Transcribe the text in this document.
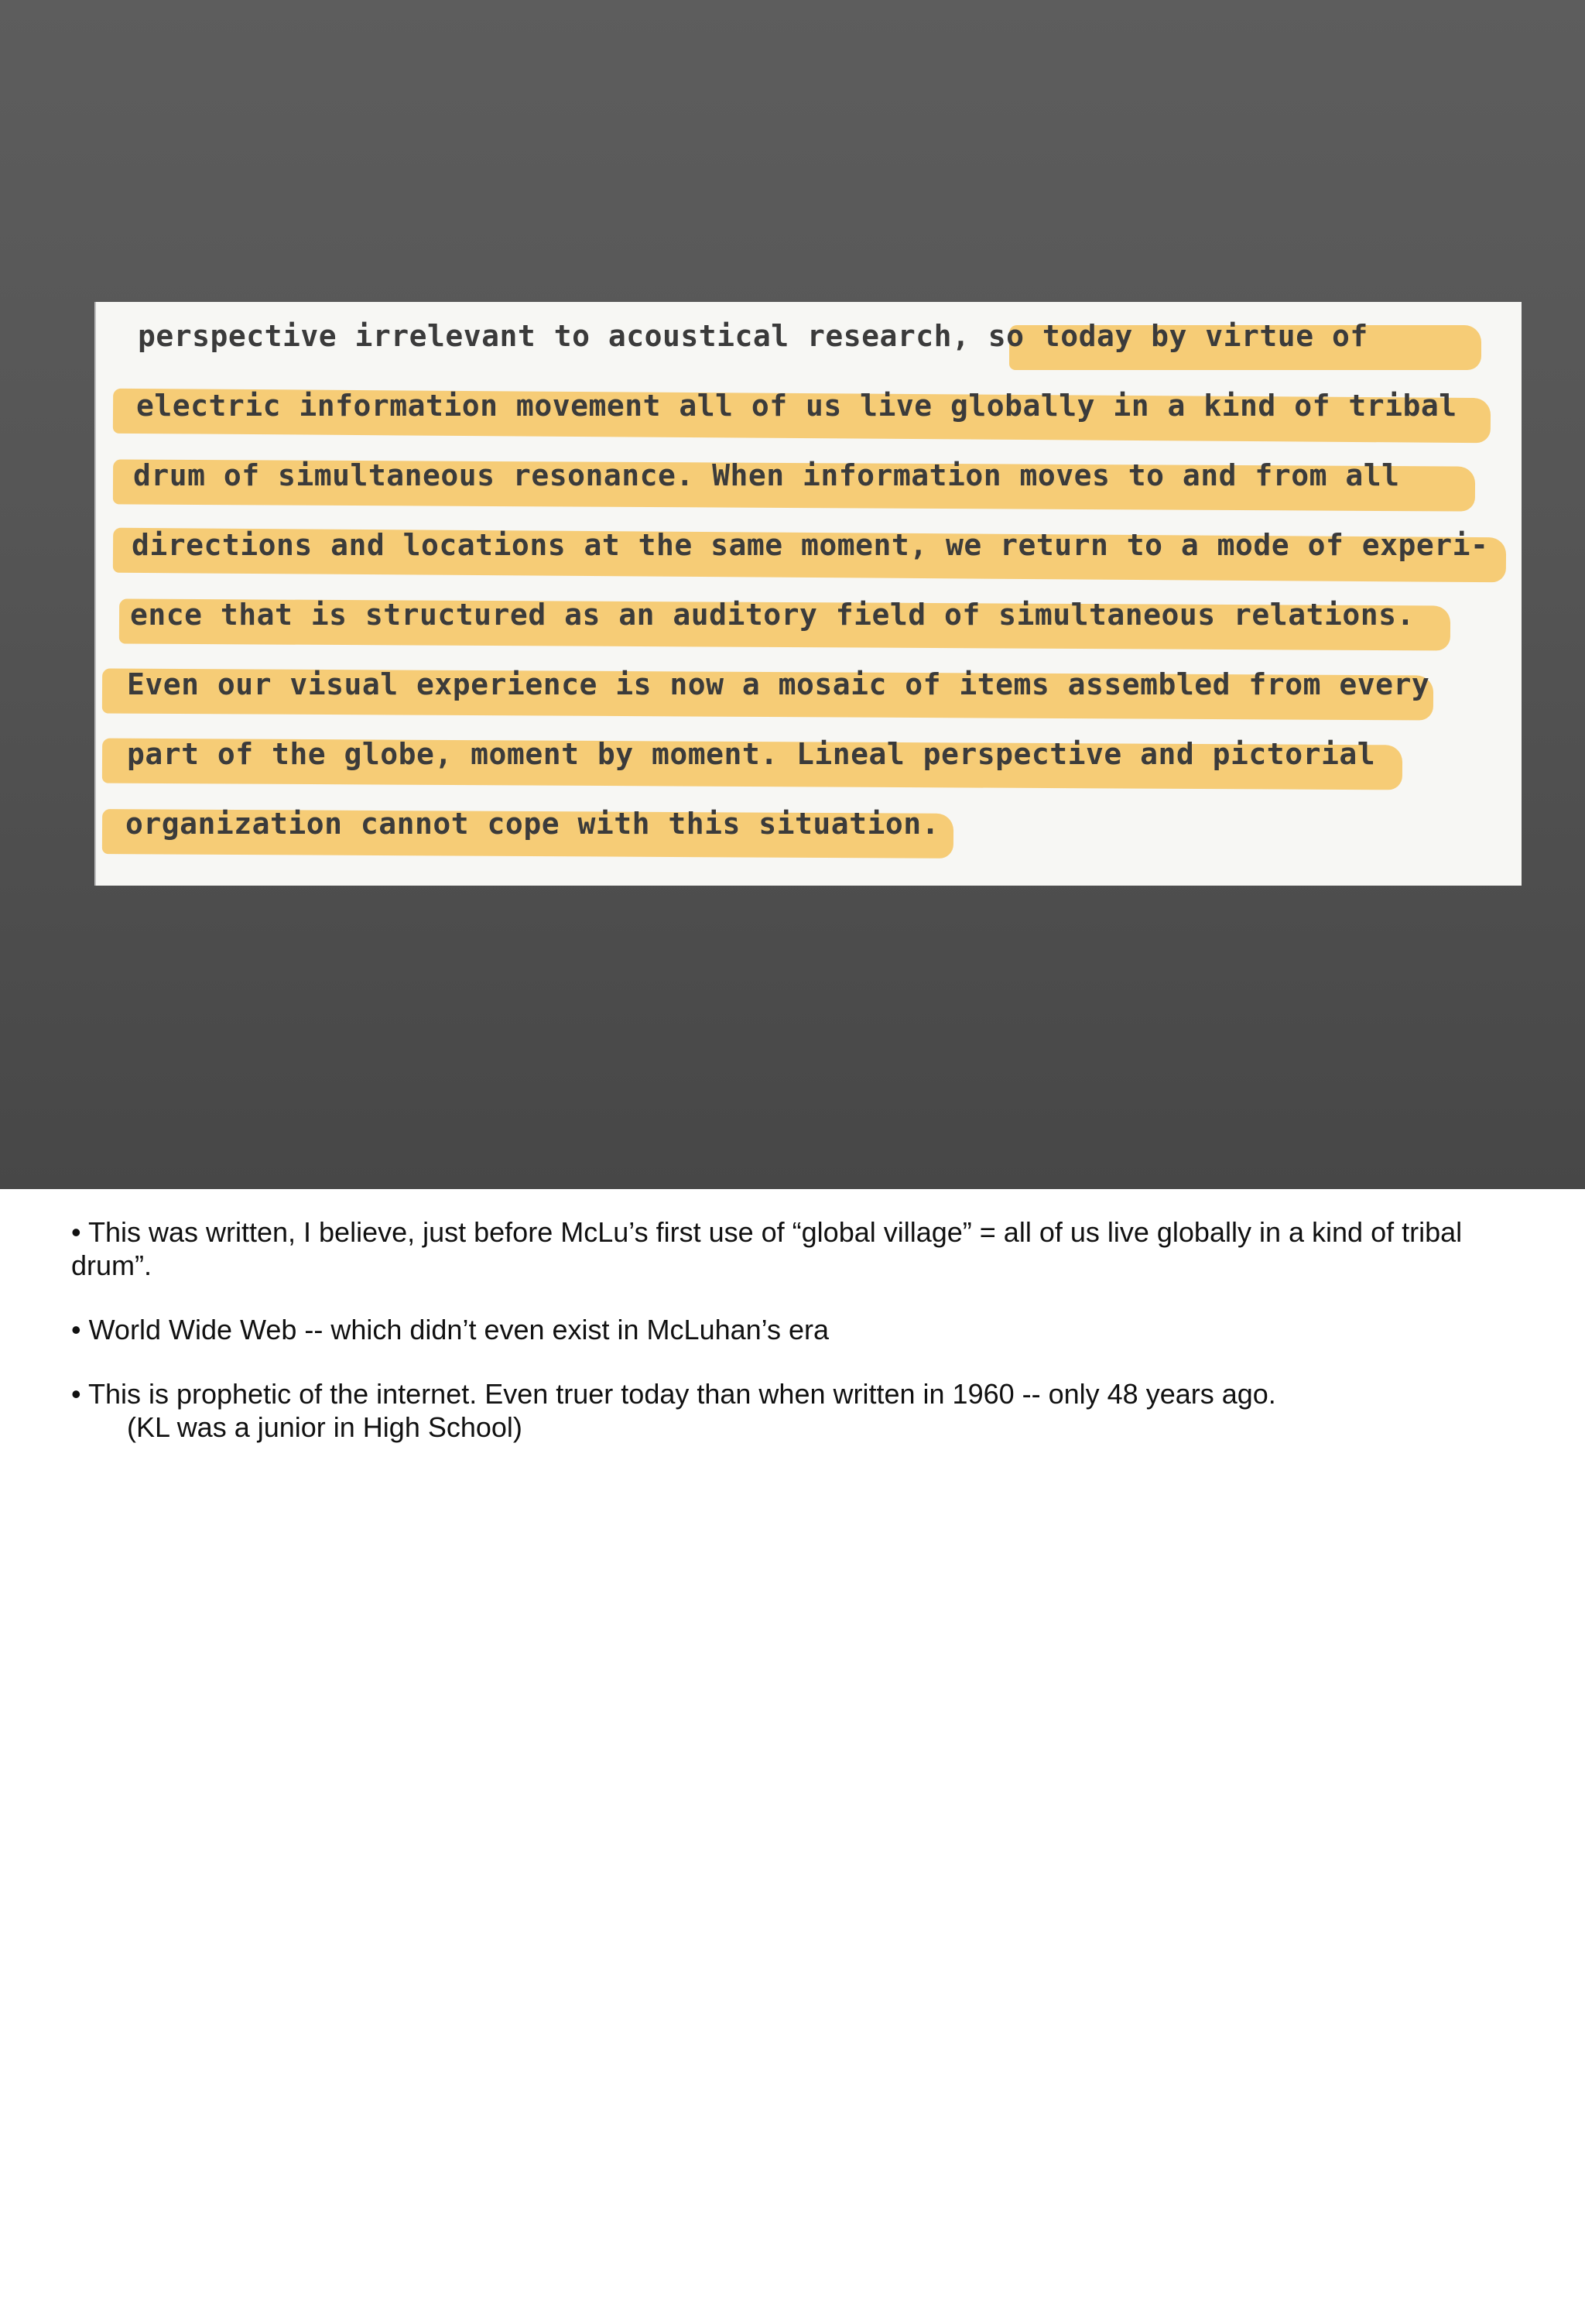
perspective irrelevant to acoustical research, so today by virtue of
electric information movement all of us live globally in a kind of tribal
drum of simultaneous resonance. When information moves to and from all
directions and locations at the same moment, we return to a mode of experi-
ence that is structured as an auditory field of simultaneous relations.
Even our visual experience is now a mosaic of items assembled from every
part of the globe, moment by moment. Lineal perspective and pictorial
organization cannot cope with this situation.

• This was written, I believe, just before McLu’s first use of “global village” = all of us live globally in a kind of tribal drum”.

• World Wide Web -- which didn’t even exist in McLuhan’s era

• This is prophetic of the internet. Even truer today than when written in 1960 -- only 48 years ago.

(KL was a junior in High School)
